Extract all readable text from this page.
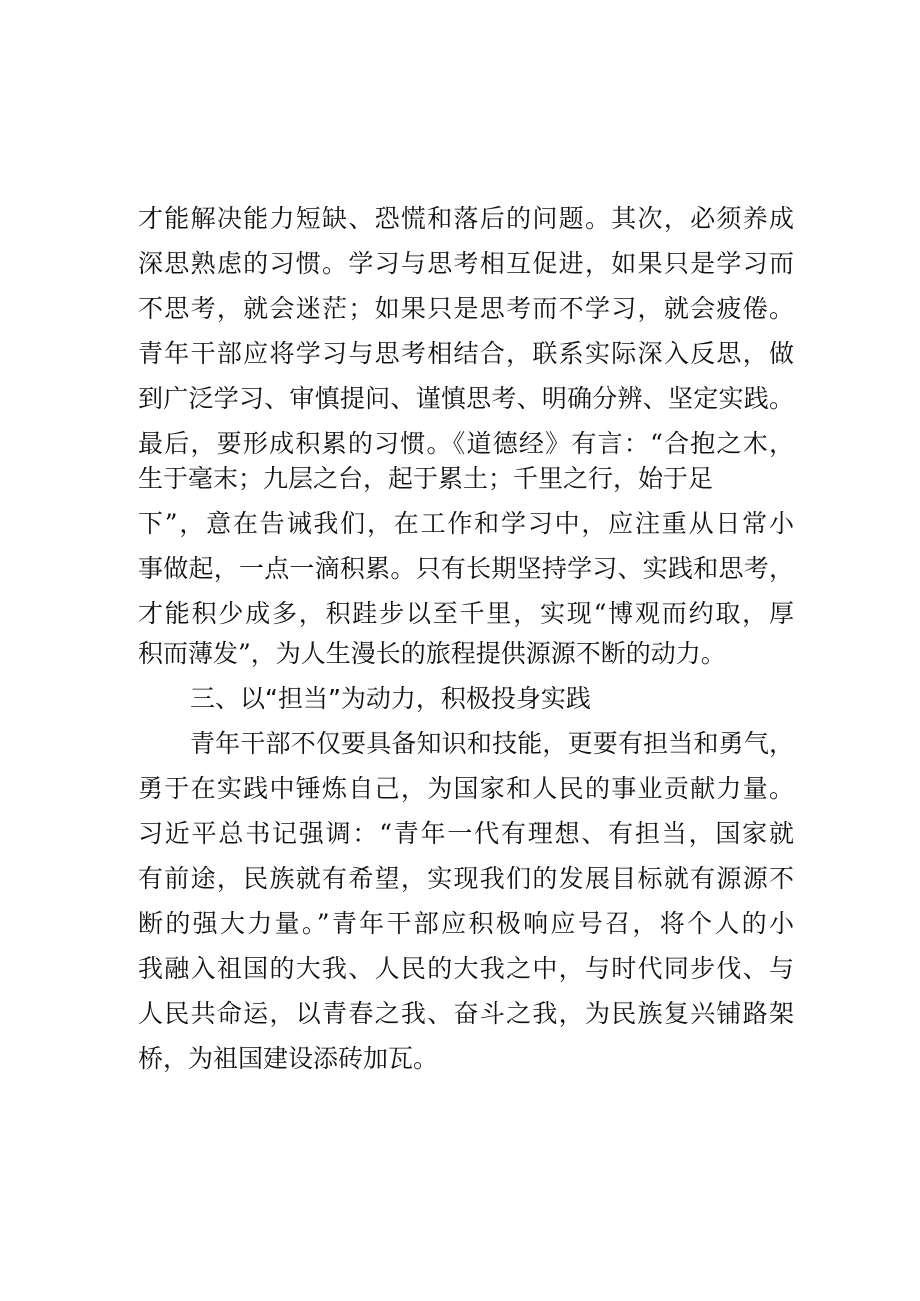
才能解决能力短缺、恐慌和落后的问题。其次，必须养成
深思熟虑的习惯。学习与思考相互促进，如果只是学习而
不思考，就会迷茫；如果只是思考而不学习，就会疲倦。
青年干部应将学习与思考相结合，联系实际深入反思，做
到广泛学习、审慎提问、谨慎思考、明确分辨、坚定实践。
最后，要形成积累的习惯。《道德经》有言：“合抱之木，
生于毫末；九层之台，起于累土；千里之行，始于足
下”，意在告诫我们，在工作和学习中，应注重从日常小
事做起，一点一滴积累。只有长期坚持学习、实践和思考，
才能积少成多，积跬步以至千里，实现“博观而约取，厚
积而薄发”，为人生漫长的旅程提供源源不断的动力。
三、以“担当”为动力，积极投身实践
青年干部不仅要具备知识和技能，更要有担当和勇气，
勇于在实践中锤炼自己，为国家和人民的事业贡献力量。
习近平总书记强调：“青年一代有理想、有担当，国家就
有前途，民族就有希望，实现我们的发展目标就有源源不
断的强大力量。”青年干部应积极响应号召，将个人的小
我融入祖国的大我、人民的大我之中，与时代同步伐、与
人民共命运，以青春之我、奋斗之我，为民族复兴铺路架
桥，为祖国建设添砖加瓦。
